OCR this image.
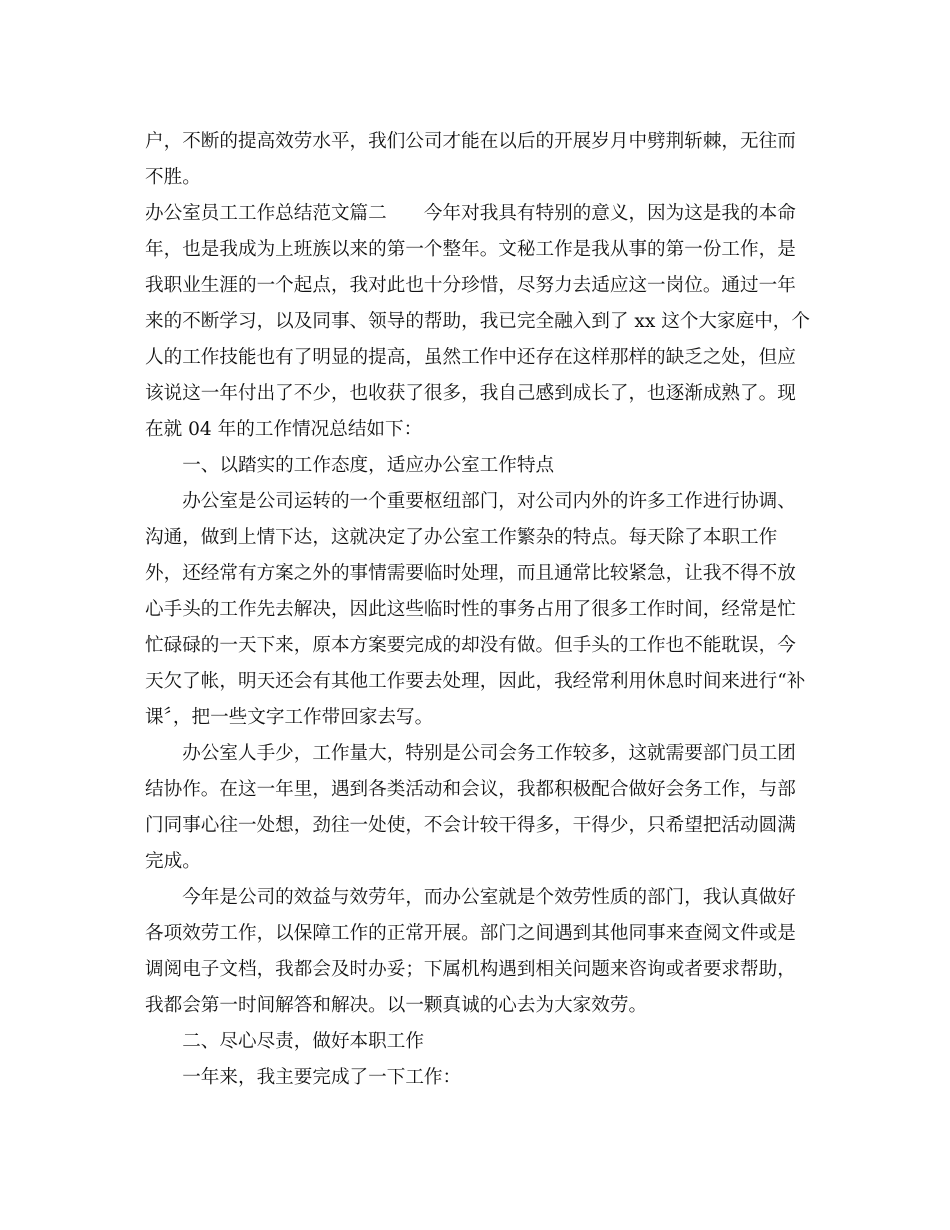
户，不断的提高效劳水平，我们公司才能在以后的开展岁月中劈荆斩棘，无往而
不胜。
办公室员工工作总结范文篇二　　今年对我具有特别的意义，因为这是我的本命
年，也是我成为上班族以来的第一个整年。文秘工作是我从事的第一份工作，是
我职业生涯的一个起点，我对此也十分珍惜，尽努力去适应这一岗位。通过一年
来的不断学习，以及同事、领导的帮助，我已完全融入到了 xx 这个大家庭中，个
人的工作技能也有了明显的提高，虽然工作中还存在这样那样的缺乏之处，但应
该说这一年付出了不少，也收获了很多，我自己感到成长了，也逐渐成熟了。现
在就 04 年的工作情况总结如下：
　　一、以踏实的工作态度，适应办公室工作特点
　　办公室是公司运转的一个重要枢纽部门，对公司内外的许多工作进行协调、
沟通，做到上情下达，这就决定了办公室工作繁杂的特点。每天除了本职工作
外，还经常有方案之外的事情需要临时处理，而且通常比较紧急，让我不得不放
心手头的工作先去解决，因此这些临时性的事务占用了很多工作时间，经常是忙
忙碌碌的一天下来，原本方案要完成的却没有做。但手头的工作也不能耽误，今
天欠了帐，明天还会有其他工作要去处理，因此，我经常利用休息时间来进行“补
课〞，把一些文字工作带回家去写。
　　办公室人手少，工作量大，特别是公司会务工作较多，这就需要部门员工团
结协作。在这一年里，遇到各类活动和会议，我都积极配合做好会务工作，与部
门同事心往一处想，劲往一处使，不会计较干得多，干得少，只希望把活动圆满
完成。
　　今年是公司的效益与效劳年，而办公室就是个效劳性质的部门，我认真做好
各项效劳工作，以保障工作的正常开展。部门之间遇到其他同事来查阅文件或是
调阅电子文档，我都会及时办妥；下属机构遇到相关问题来咨询或者要求帮助，
我都会第一时间解答和解决。以一颗真诚的心去为大家效劳。
　　二、尽心尽责，做好本职工作
　　一年来，我主要完成了一下工作：
